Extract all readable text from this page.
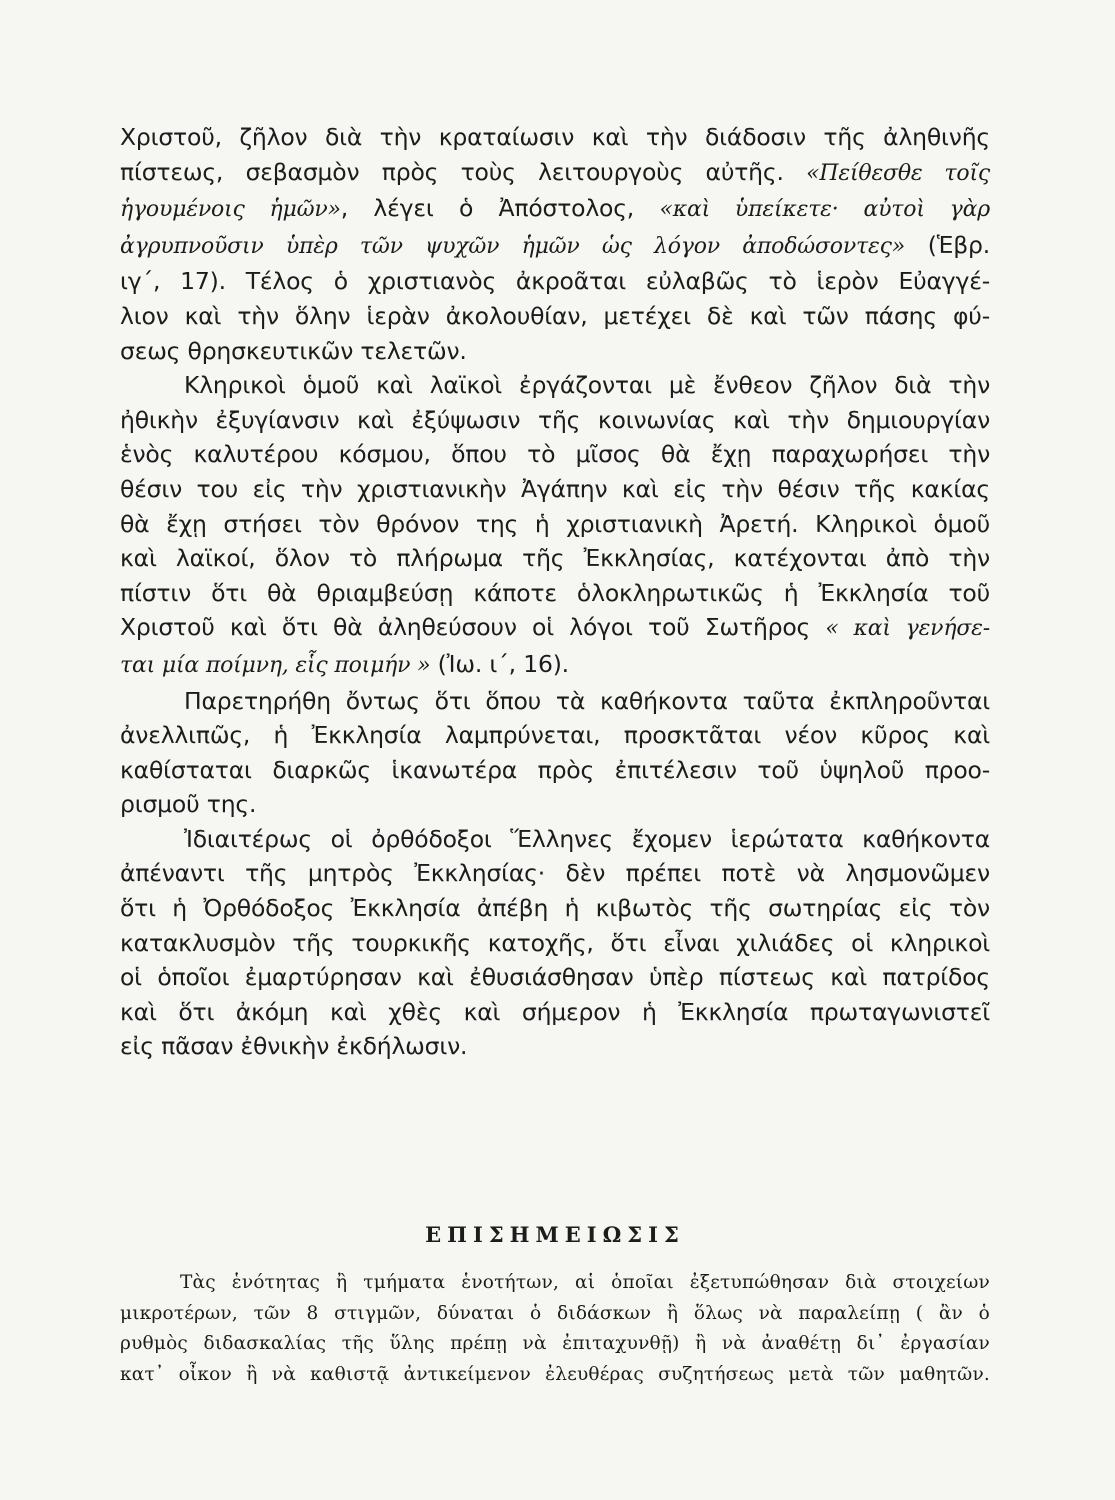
Χριστοῦ, ζῆλον διὰ τὴν κραταίωσιν καὶ τὴν διάδοσιν τῆς ἀληθινῆς
πίστεως, σεβασμὸν πρὸς τοὺς λειτουργοὺς αὐτῆς. «Πείθεσθε τοῖς
ἡγουμένοις ἡμῶν», λέγει ὁ Ἀπόστολος, «καὶ ὑπείκετε· αὐτοὶ γὰρ
ἀγρυπνοῦσιν ὑπὲρ τῶν ψυχῶν ἡμῶν ὡς λόγον ἀποδώσοντες» (Ἑβρ.
ιγ΄, 17). Τέλος ὁ χριστιανὸς ἀκροᾶται εὐλαβῶς τὸ ἱερὸν Εὐαγγέ-
λιον καὶ τὴν ὅλην ἱερὰν ἀκολουθίαν, μετέχει δὲ καὶ τῶν πάσης φύ-
σεως θρησκευτικῶν τελετῶν.
Κληρικοὶ ὁμοῦ καὶ λαϊκοὶ ἐργάζονται μὲ ἔνθεον ζῆλον διὰ τὴν
ἠθικὴν ἐξυγίανσιν καὶ ἐξύψωσιν τῆς κοινωνίας καὶ τὴν δημιουργίαν
ἑνὸς καλυτέρου κόσμου, ὅπου τὸ μῖσος θὰ ἔχῃ παραχωρήσει τὴν
θέσιν του εἰς τὴν χριστιανικὴν Ἀγάπην καὶ εἰς τὴν θέσιν τῆς κακίας
θὰ ἔχῃ στήσει τὸν θρόνον της ἡ χριστιανικὴ Ἀρετή. Κληρικοὶ ὁμοῦ
καὶ λαϊκοί, ὅλον τὸ πλήρωμα τῆς Ἐκκλησίας, κατέχονται ἀπὸ τὴν
πίστιν ὅτι θὰ θριαμβεύσῃ κάποτε ὁλοκληρωτικῶς ἡ Ἐκκλησία τοῦ
Χριστοῦ καὶ ὅτι θὰ ἀληθεύσουν οἱ λόγοι τοῦ Σωτῆρος « καὶ γενήσε-
ται μία ποίμνη, εἷς ποιμήν » (Ἰω. ι΄, 16).
Παρετηρήθη ὄντως ὅτι ὅπου τὰ καθήκοντα ταῦτα ἐκπληροῦνται
ἀνελλιπῶς, ἡ Ἐκκλησία λαμπρύνεται, προσκτᾶται νέον κῦρος καὶ
καθίσταται διαρκῶς ἱκανωτέρα πρὸς ἐπιτέλεσιν τοῦ ὑψηλοῦ προο-
ρισμοῦ της.
Ἰδιαιτέρως οἱ ὀρθόδοξοι Ἕλληνες ἔχομεν ἱερώτατα καθήκοντα
ἀπέναντι τῆς μητρὸς Ἐκκλησίας· δὲν πρέπει ποτὲ νὰ λησμονῶμεν
ὅτι ἡ Ὀρθόδοξος Ἐκκλησία ἀπέβη ἡ κιβωτὸς τῆς σωτηρίας εἰς τὸν
κατακλυσμὸν τῆς τουρκικῆς κατοχῆς, ὅτι εἶναι χιλιάδες οἱ κληρικοὶ
οἱ ὁποῖοι ἐμαρτύρησαν καὶ ἐθυσιάσθησαν ὑπὲρ πίστεως καὶ πατρίδος
καὶ ὅτι ἀκόμη καὶ χθὲς καὶ σήμερον ἡ Ἐκκλησία πρωταγωνιστεῖ
εἰς πᾶσαν ἐθνικὴν ἐκδήλωσιν.
ΕΠΙΣΗΜΕΙΩΣΙΣ
Τὰς ἑνότητας ἢ τμήματα ἑνοτήτων, αἱ ὁποῖαι ἐξετυπώθησαν διὰ στοιχείων
μικροτέρων, τῶν 8 στιγμῶν, δύναται ὁ διδάσκων ἢ ὅλως νὰ παραλείπῃ ( ἂν ὁ
ρυθμὸς διδασκαλίας τῆς ὕλης πρέπῃ νὰ ἐπιταχυνθῇ) ἢ νὰ ἀναθέτῃ δι᾽ ἐργασίαν
κατ᾽ οἶκον ἢ νὰ καθιστᾷ ἀντικείμενον ἐλευθέρας συζητήσεως μετὰ τῶν μαθητῶν.
